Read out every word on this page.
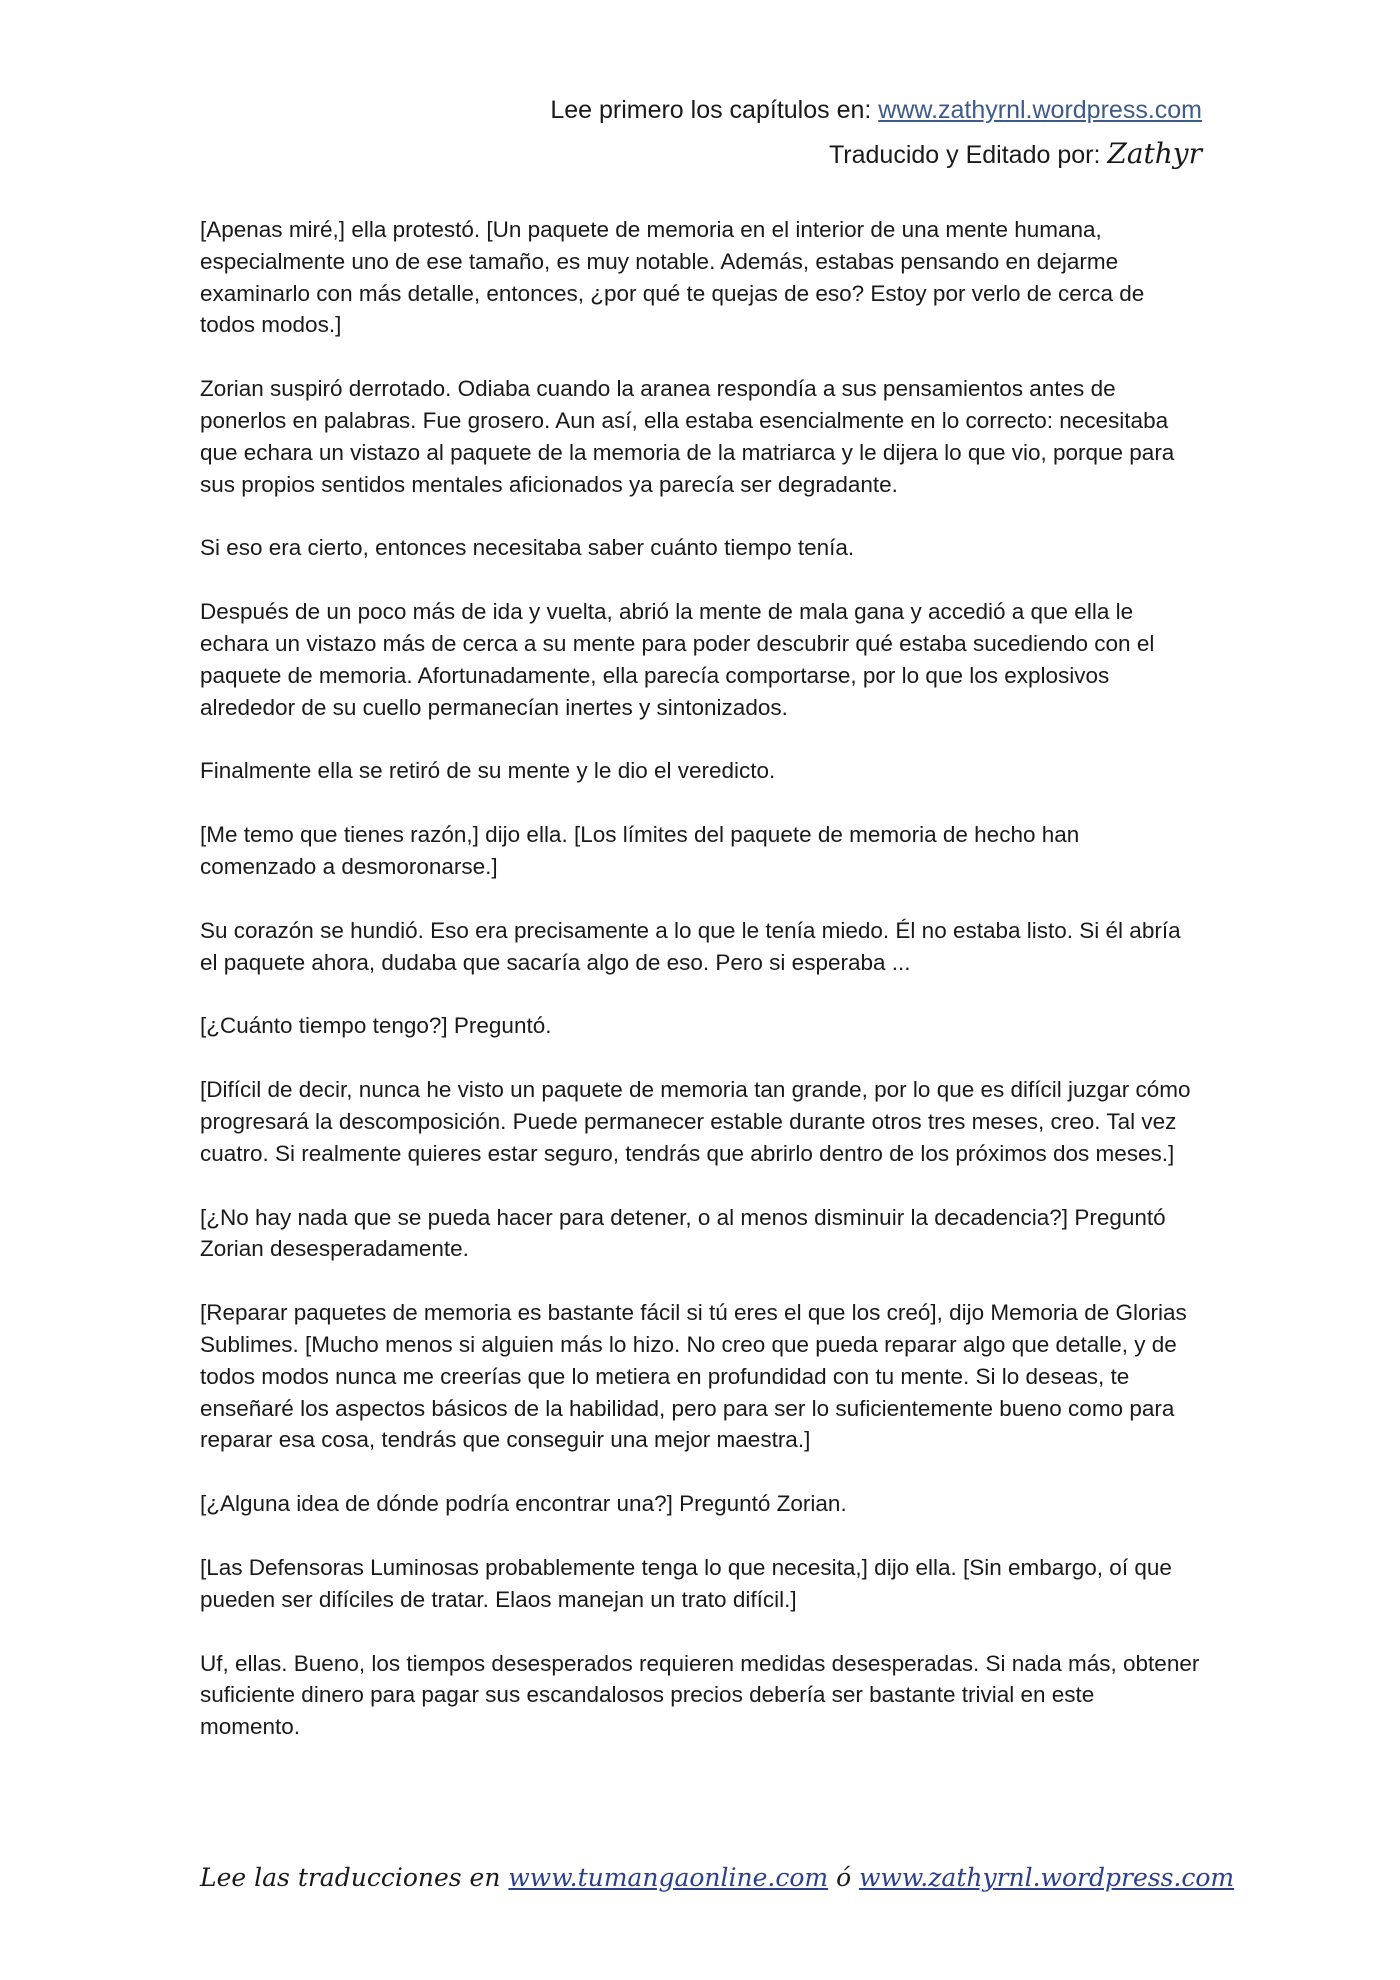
Lee primero los capítulos en: www.zathyrnl.wordpress.com
Traducido y Editado por: Zathyr

[Apenas miré,] ella protestó. [Un paquete de memoria en el interior de una mente humana, especialmente uno de ese tamaño, es muy notable. Además, estabas pensando en dejarme examinarlo con más detalle, entonces, ¿por qué te quejas de eso? Estoy por verlo de cerca de todos modos.]

Zorian suspiró derrotado. Odiaba cuando la aranea respondía a sus pensamientos antes de ponerlos en palabras. Fue grosero. Aun así, ella estaba esencialmente en lo correcto: necesitaba que echara un vistazo al paquete de la memoria de la matriarca y le dijera lo que vio, porque para sus propios sentidos mentales aficionados ya parecía ser degradante.

Si eso era cierto, entonces necesitaba saber cuánto tiempo tenía.

Después de un poco más de ida y vuelta, abrió la mente de mala gana y accedió a que ella le echara un vistazo más de cerca a su mente para poder descubrir qué estaba sucediendo con el paquete de memoria. Afortunadamente, ella parecía comportarse, por lo que los explosivos alrededor de su cuello permanecían inertes y sintonizados.

Finalmente ella se retiró de su mente y le dio el veredicto.

[Me temo que tienes razón,] dijo ella. [Los límites del paquete de memoria de hecho han comenzado a desmoronarse.]

Su corazón se hundió. Eso era precisamente a lo que le tenía miedo. Él no estaba listo. Si él abría el paquete ahora, dudaba que sacaría algo de eso. Pero si esperaba ...

[¿Cuánto tiempo tengo?] Preguntó.

[Difícil de decir, nunca he visto un paquete de memoria tan grande, por lo que es difícil juzgar cómo progresará la descomposición. Puede permanecer estable durante otros tres meses, creo. Tal vez cuatro. Si realmente quieres estar seguro, tendrás que abrirlo dentro de los próximos dos meses.]

[¿No hay nada que se pueda hacer para detener, o al menos disminuir la decadencia?] Preguntó Zorian desesperadamente.

[Reparar paquetes de memoria es bastante fácil si tú eres el que los creó], dijo Memoria de Glorias Sublimes. [Mucho menos si alguien más lo hizo. No creo que pueda reparar algo que detalle, y de todos modos nunca me creerías que lo metiera en profundidad con tu mente. Si lo deseas, te enseñaré los aspectos básicos de la habilidad, pero para ser lo suficientemente bueno como para reparar esa cosa, tendrás que conseguir una mejor maestra.]

[¿Alguna idea de dónde podría encontrar una?] Preguntó Zorian.

[Las Defensoras Luminosas probablemente tenga lo que necesita,] dijo ella. [Sin embargo, oí que pueden ser difíciles de tratar. Elaos manejan un trato difícil.]

Uf, ellas. Bueno, los tiempos desesperados requieren medidas desesperadas. Si nada más, obtener suficiente dinero para pagar sus escandalosos precios debería ser bastante trivial en este momento.

Lee las traducciones en www.tumangaonline.com ó www.zathyrnl.wordpress.com
